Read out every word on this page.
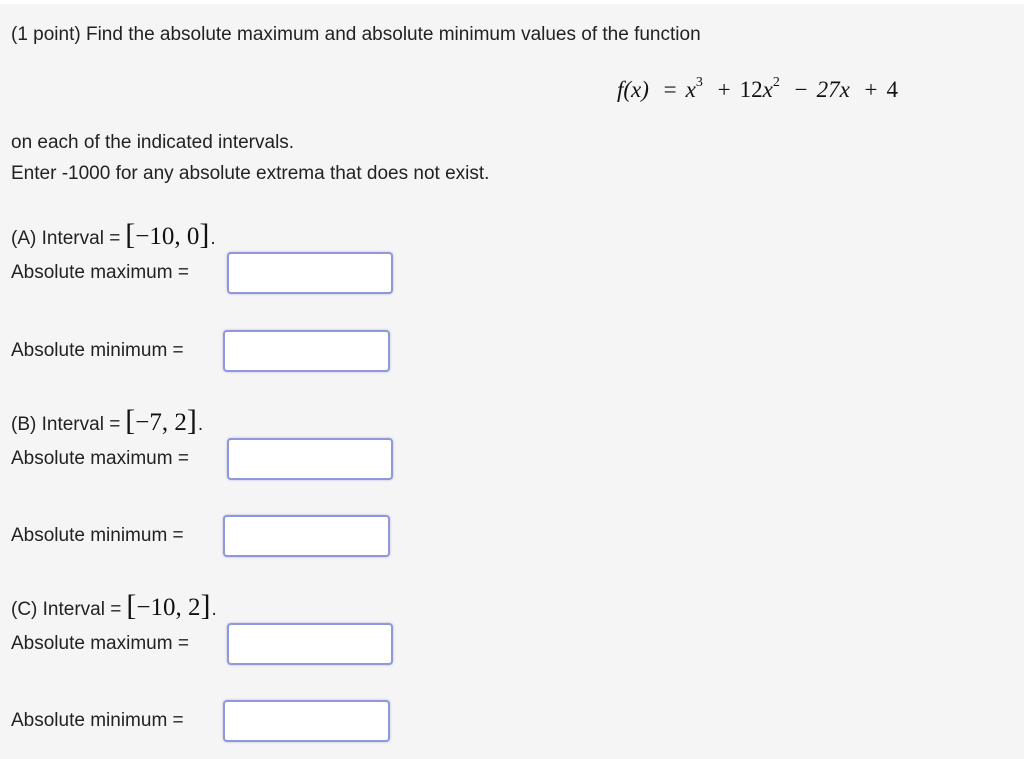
(1 point) Find the absolute maximum and absolute minimum values of the function
$f(x) = x^3 + 12x^2 - 27x + 4$
on each of the indicated intervals.
Enter -1000 for any absolute extrema that does not exist.
(A) Interval = [−10, 0] .
Absolute maximum =
Absolute minimum =
(B) Interval = [−7, 2] .
Absolute maximum =
Absolute minimum =
(C) Interval = [−10, 2] .
Absolute maximum =
Absolute minimum =
